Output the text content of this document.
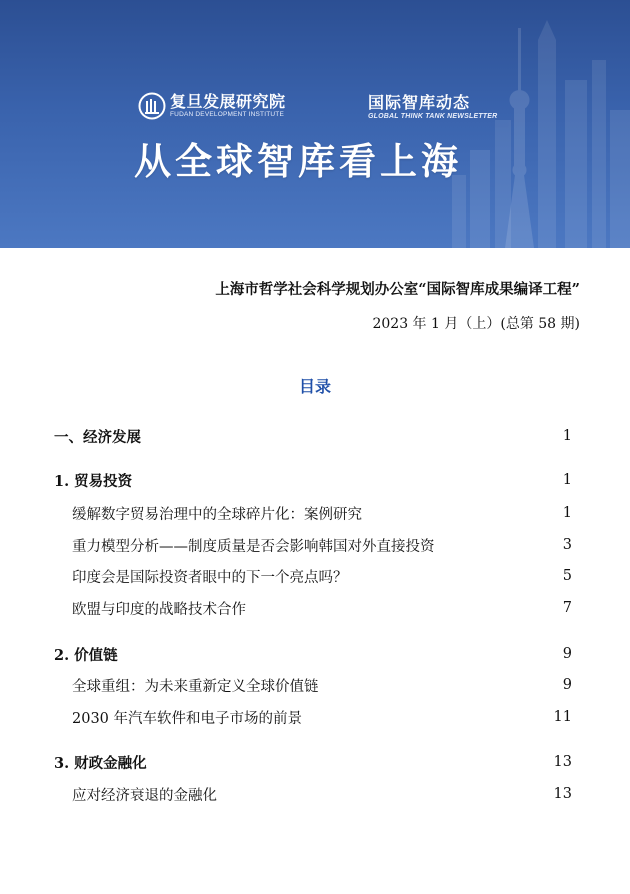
复旦发展研究院
FUDAN DEVELOPMENT INSTITUTE
国际智库动态
GLOBAL THINK TANK NEWSLETTER
从全球智库看上海
上海市哲学社会科学规划办公室“国际智库成果编译工程”
2023 年 1 月（上）(总第 58 期)
目录
一、经济发展	1
1. 贸易投资	1
缓解数字贸易治理中的全球碎片化：案例研究	1
重力模型分析——制度质量是否会影响韩国对外直接投资	3
印度会是国际投资者眼中的下一个亮点吗？	5
欧盟与印度的战略技术合作	7
2. 价值链	9
全球重组：为未来重新定义全球价值链	9
2030 年汽车软件和电子市场的前景	11
3. 财政金融化	13
应对经济衰退的金融化	13
